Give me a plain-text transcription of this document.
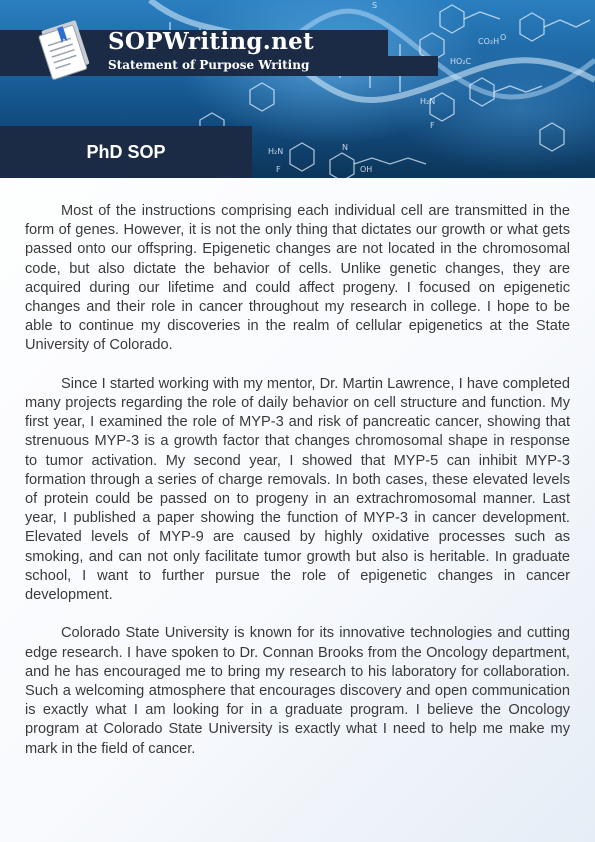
CO₂H
HO₂C
H₂N
H₂N
OH
F
F
S
O
N
SOPWriting.net
Statement of Purpose Writing
PhD SOP

Most of the instructions comprising each individual cell are transmitted in the form of genes. However, it is not the only thing that dictates our growth or what gets passed onto our offspring. Epigenetic changes are not located in the chromosomal code, but also dictate the behavior of cells. Unlike genetic changes, they are acquired during our lifetime and could affect progeny. I focused on epigenetic changes and their role in cancer throughout my research in college. I hope to be able to continue my discoveries in the realm of cellular epigenetics at the State University of Colorado.

Since I started working with my mentor, Dr. Martin Lawrence, I have completed many projects regarding the role of daily behavior on cell structure and function. My first year, I examined the role of MYP-3 and risk of pancreatic cancer, showing that strenuous MYP-3 is a growth factor that changes chromosomal shape in response to tumor activation. My second year, I showed that MYP-5 can inhibit MYP-3 formation through a series of charge removals. In both cases, these elevated levels of protein could be passed on to progeny in an extrachromosomal manner. Last year, I published a paper showing the function of MYP-3 in cancer development. Elevated levels of MYP-9 are caused by highly oxidative processes such as smoking, and can not only facilitate tumor growth but also is heritable. In graduate school, I want to further pursue the role of epigenetic changes in cancer development.

Colorado State University is known for its innovative technologies and cutting edge research. I have spoken to Dr. Connan Brooks from the Oncology department, and he has encouraged me to bring my research to his laboratory for collaboration. Such a welcoming atmosphere that encourages discovery and open communication is exactly what I am looking for in a graduate program. I believe the Oncology program at Colorado State University is exactly what I need to help me make my mark in the field of cancer.
